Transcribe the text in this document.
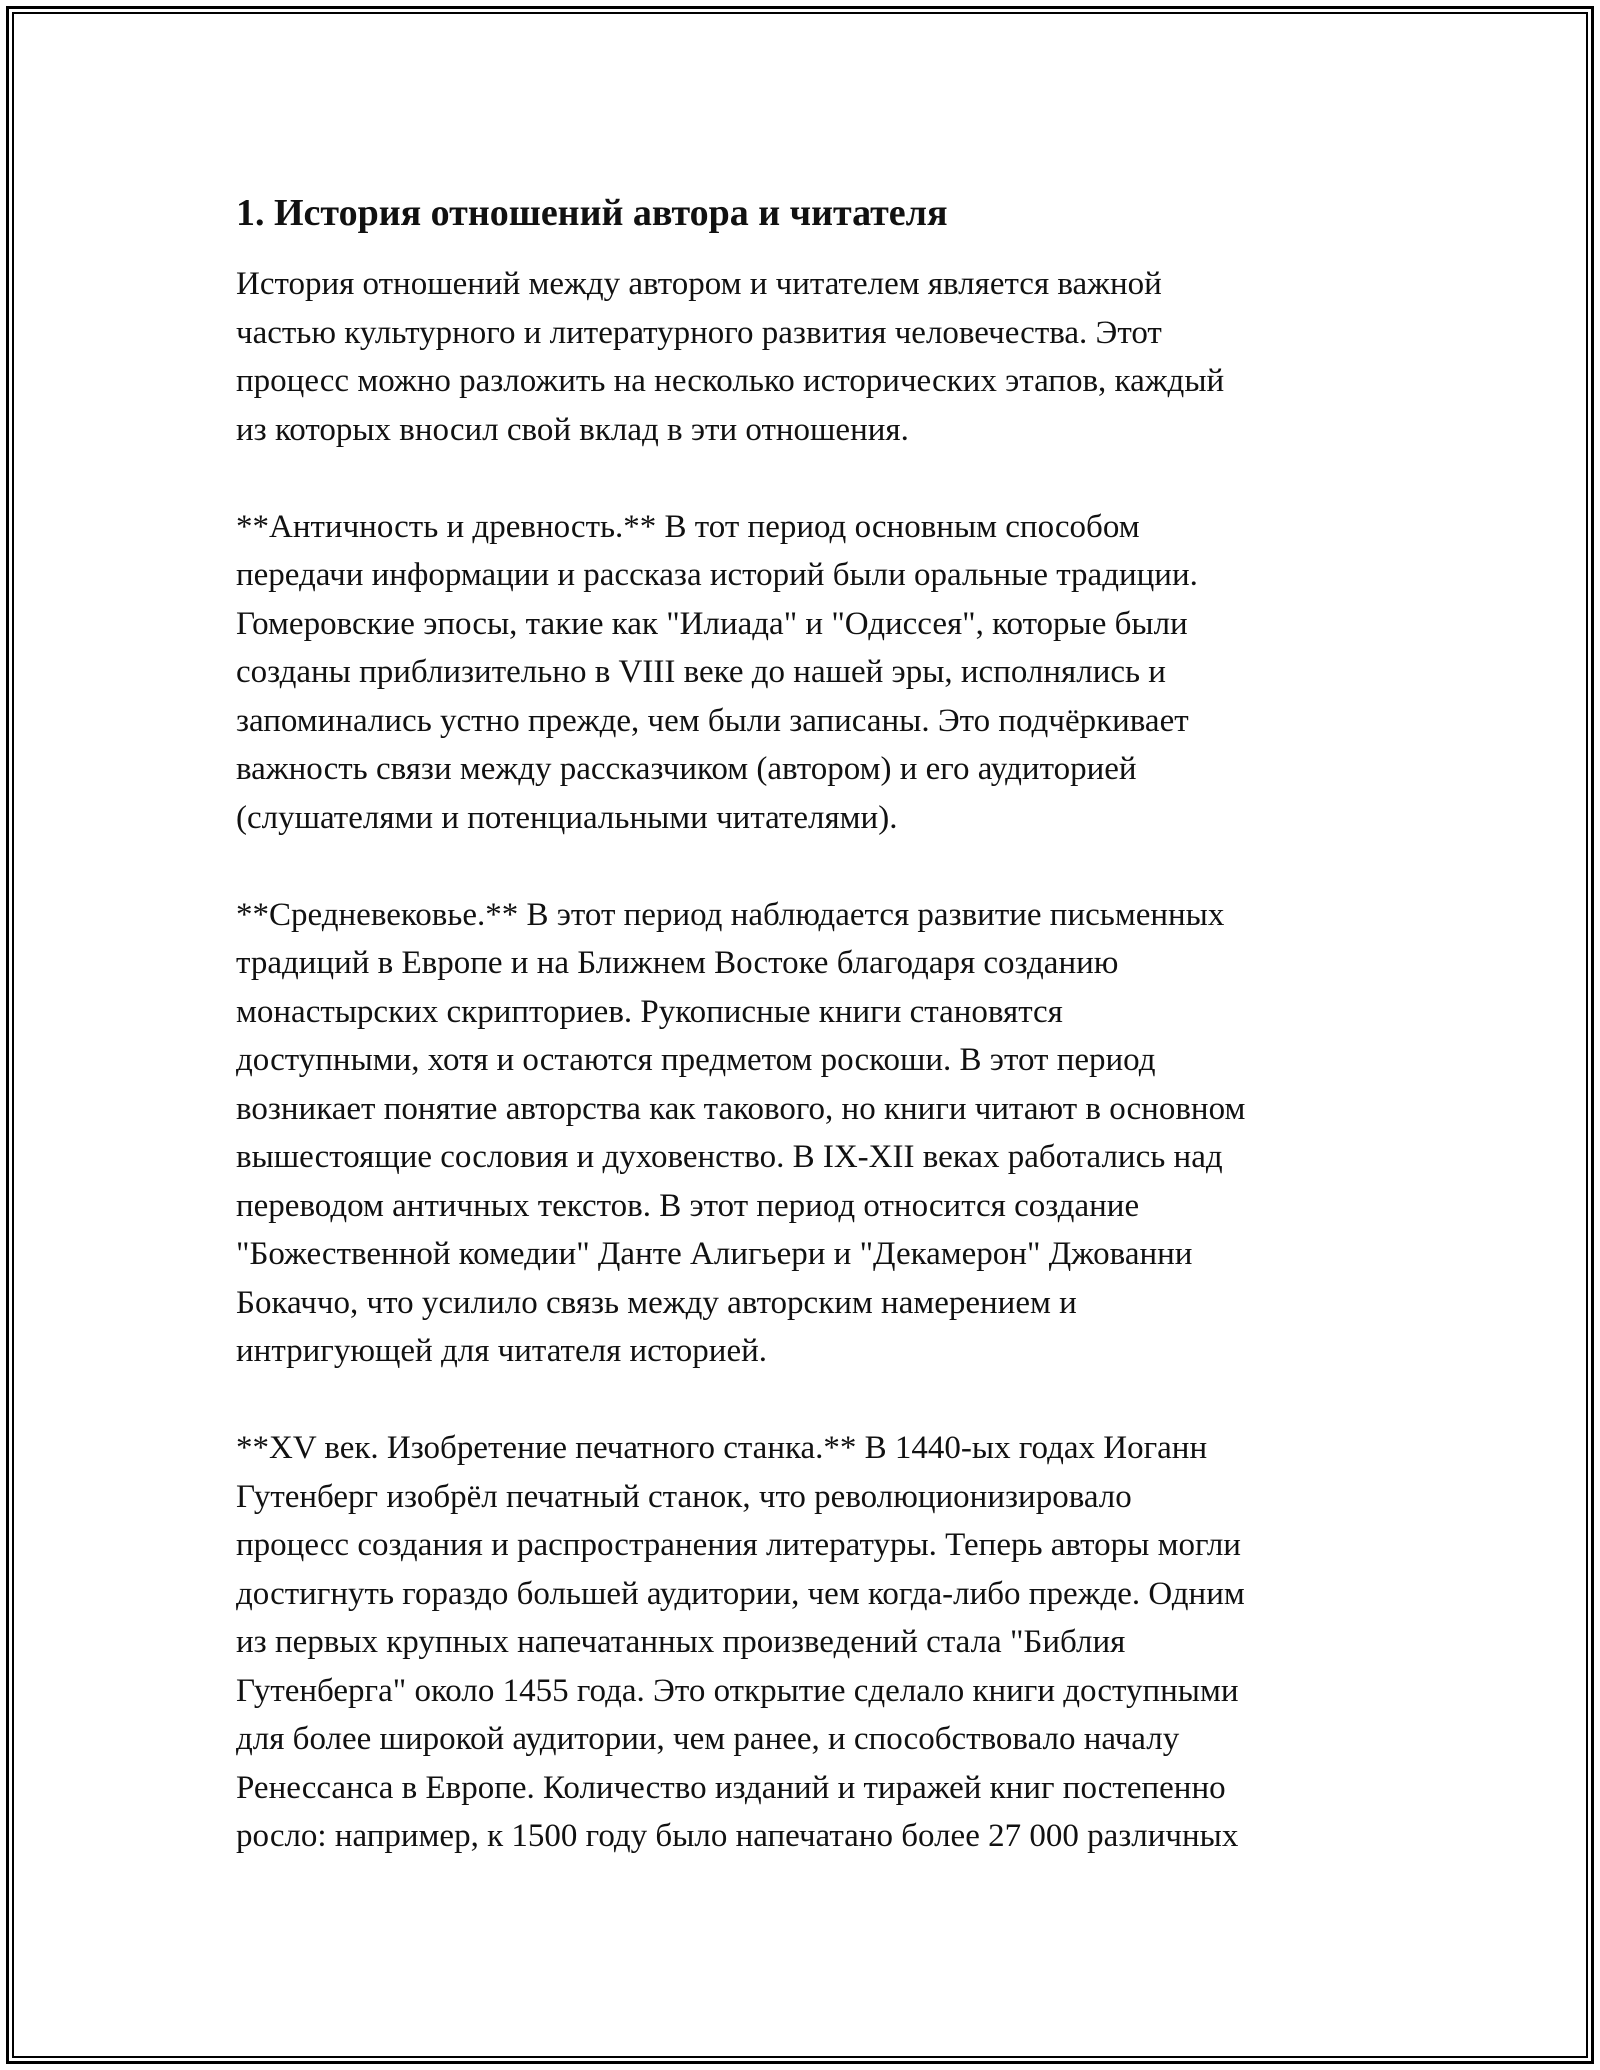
1. История отношений автора и читателя
История отношений между автором и читателем является важной
частью культурного и литературного развития человечества. Этот
процесс можно разложить на несколько исторических этапов, каждый
из которых вносил свой вклад в эти отношения.
**Античность и древность.** В тот период основным способом
передачи информации и рассказа историй были оральные традиции.
Гомеровские эпосы, такие как "Илиада" и "Одиссея", которые были
созданы приблизительно в VIII веке до нашей эры, исполнялись и
запоминались устно прежде, чем были записаны. Это подчёркивает
важность связи между рассказчиком (автором) и его аудиторией
(слушателями и потенциальными читателями).
**Средневековье.** В этот период наблюдается развитие письменных
традиций в Европе и на Ближнем Востоке благодаря созданию
монастырских скрипториев. Рукописные книги становятся
доступными, хотя и остаются предметом роскоши. В этот период
возникает понятие авторства как такового, но книги читают в основном
вышестоящие сословия и духовенство. В IX-XII веках работались над
переводом античных текстов. В этот период относится создание
"Божественной комедии" Данте Алигьери и "Декамерон" Джованни
Бокаччо, что усилило связь между авторским намерением и
интригующей для читателя историей.
**XV век. Изобретение печатного станка.** В 1440-ых годах Иоганн
Гутенберг изобрёл печатный станок, что революционизировало
процесс создания и распространения литературы. Теперь авторы могли
достигнуть гораздо большей аудитории, чем когда-либо прежде. Одним
из первых крупных напечатанных произведений стала "Библия
Гутенберга" около 1455 года. Это открытие сделало книги доступными
для более широкой аудитории, чем ранее, и способствовало началу
Ренессанса в Европе. Количество изданий и тиражей книг постепенно
росло: например, к 1500 году было напечатано более 27 000 различных
